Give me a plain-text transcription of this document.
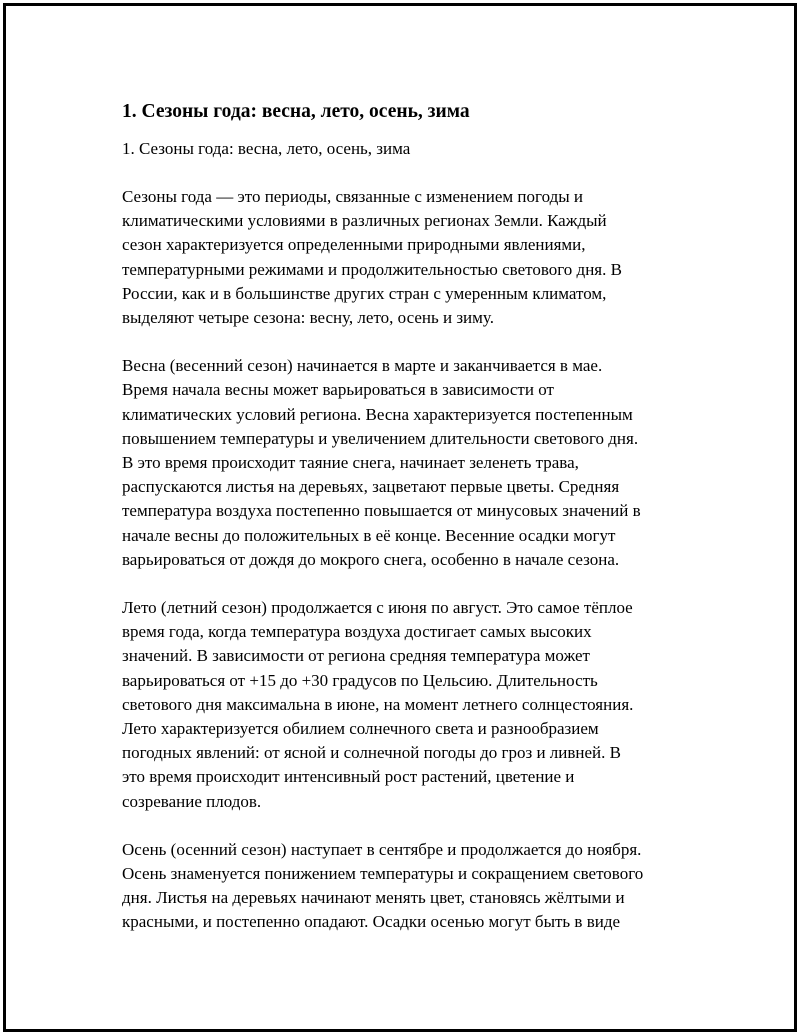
1. Сезоны года: весна, лето, осень, зима
1. Сезоны года: весна, лето, осень, зима
Сезоны года — это периоды, связанные с изменением погоды и
климатическими условиями в различных регионах Земли. Каждый
сезон характеризуется определенными природными явлениями,
температурными режимами и продолжительностью светового дня. В
России, как и в большинстве других стран с умеренным климатом,
выделяют четыре сезона: весну, лето, осень и зиму.
Весна (весенний сезон) начинается в марте и заканчивается в мае.
Время начала весны может варьироваться в зависимости от
климатических условий региона. Весна характеризуется постепенным
повышением температуры и увеличением длительности светового дня.
В это время происходит таяние снега, начинает зеленеть трава,
распускаются листья на деревьях, зацветают первые цветы. Средняя
температура воздуха постепенно повышается от минусовых значений в
начале весны до положительных в её конце. Весенние осадки могут
варьироваться от дождя до мокрого снега, особенно в начале сезона.
Лето (летний сезон) продолжается с июня по август. Это самое тёплое
время года, когда температура воздуха достигает самых высоких
значений. В зависимости от региона средняя температура может
варьироваться от +15 до +30 градусов по Цельсию. Длительность
светового дня максимальна в июне, на момент летнего солнцестояния.
Лето характеризуется обилием солнечного света и разнообразием
погодных явлений: от ясной и солнечной погоды до гроз и ливней. В
это время происходит интенсивный рост растений, цветение и
созревание плодов.
Осень (осенний сезон) наступает в сентябре и продолжается до ноября.
Осень знаменуется понижением температуры и сокращением светового
дня. Листья на деревьях начинают менять цвет, становясь жёлтыми и
красными, и постепенно опадают. Осадки осенью могут быть в виде
